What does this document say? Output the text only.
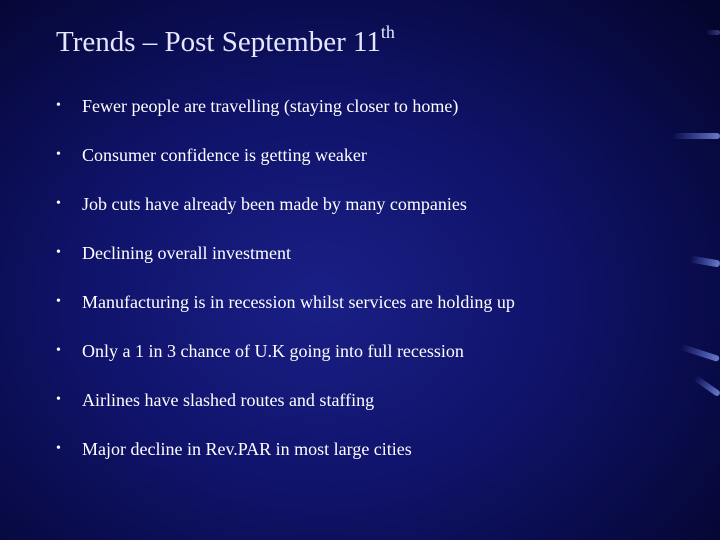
Trends – Post September 11th
•	Fewer people are travelling (staying closer to home)
•	Consumer confidence is getting weaker
•	Job cuts have already been made by many companies
•	Declining overall investment
•	Manufacturing is in recession whilst services are holding up
•	Only a 1 in 3 chance of U.K going into full recession
•	Airlines have slashed routes and staffing
•	Major decline in Rev.PAR in most large cities
